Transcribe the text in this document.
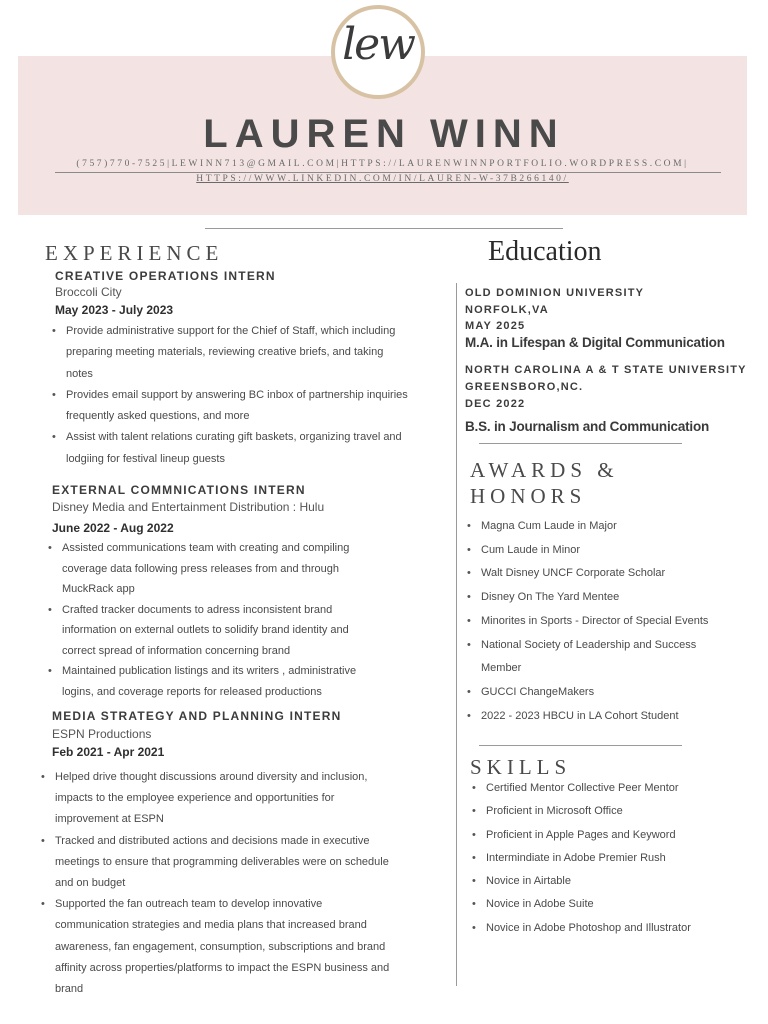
lew
LAUREN WINN
(757)770-7525|LEWINN713@GMAIL.COM|HTTPS://LAURENWINNPORTFOLIO.WORDPRESS.COM|
HTTPS://WWW.LINKEDIN.COM/IN/LAUREN-W-37B266140/
EXPERIENCE
CREATIVE OPERATIONS INTERN
Broccoli City
May 2023 - July 2023
• Provide administrative support for the Chief of Staff, which including preparing meeting materials, reviewing creative briefs, and taking notes
• Provides email support by answering BC inbox of partnership inquiries frequently asked questions, and more
• Assist with talent relations curating gift baskets, organizing travel and lodgiing for festival lineup guests
EXTERNAL COMMNICATIONS INTERN
Disney Media and Entertainment Distribution : Hulu
June 2022 - Aug 2022
• Assisted communications team with creating and compiling coverage data following press releases from and through MuckRack app
• Crafted tracker documents to adress inconsistent brand information on external outlets to solidify brand identity and correct spread of information concerning brand
• Maintained publication listings and its writers , administrative logins, and coverage reports for released productions
MEDIA STRATEGY AND PLANNING INTERN
ESPN Productions
Feb 2021 - Apr 2021
• Helped drive thought discussions around diversity and inclusion, impacts to the employee experience and opportunities for improvement at ESPN
• Tracked and distributed actions and decisions made in executive meetings to ensure that programming deliverables were on schedule and on budget
• Supported the fan outreach team to develop innovative communication strategies and media plans that increased brand awareness, fan engagement, consumption, subscriptions and brand affinity across properties/platforms to impact the ESPN business and brand
Education
OLD DOMINION UNIVERSITY
NORFOLK,VA
MAY 2025
M.A. in Lifespan & Digital Communication
NORTH CAROLINA A & T STATE UNIVERSITY
GREENSBORO,NC.
DEC 2022
B.S. in Journalism and Communication
AWARDS &
HONORS
• Magna Cum Laude in Major
• Cum Laude in Minor
• Walt Disney UNCF Corporate Scholar
• Disney On The Yard Mentee
• Minorites in Sports - Director of Special Events
• National Society of Leadership and Success Member
• GUCCI ChangeMakers
• 2022 - 2023 HBCU in LA Cohort Student
SKILLS
• Certified Mentor Collective Peer Mentor
• Proficient in Microsoft Office
• Proficient in Apple Pages and Keyword
• Intermindiate in Adobe Premier Rush
• Novice in Airtable
• Novice in Adobe Suite
• Novice in Adobe Photoshop and Illustrator
